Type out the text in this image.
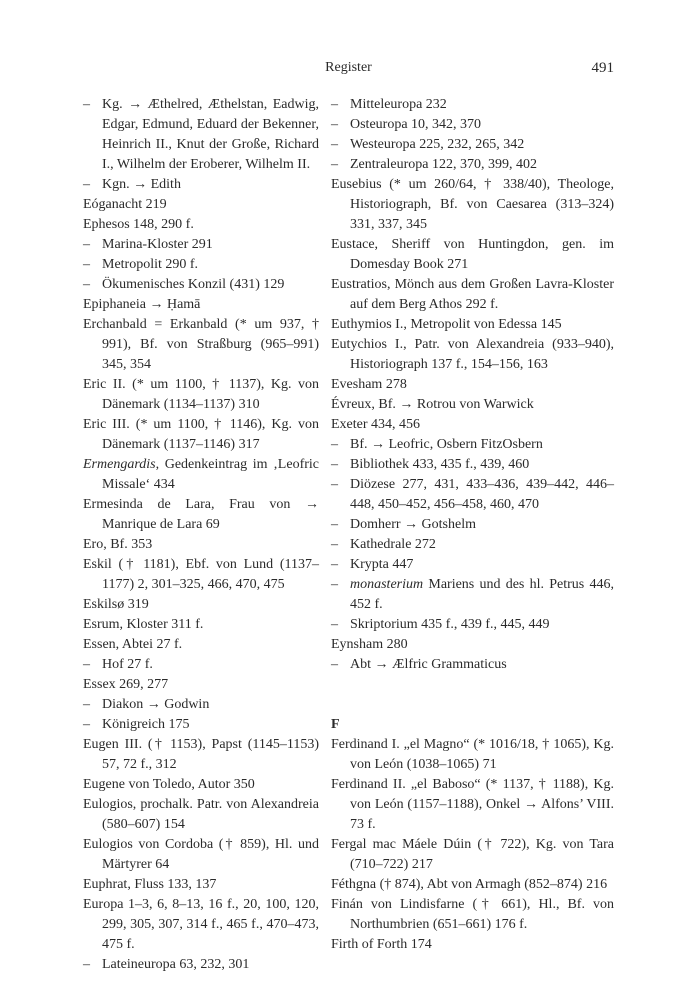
Register	491
– Kg. → Æthelred, Æthelstan, Eadwig, Edgar, Edmund, Eduard der Bekenner, Heinrich II., Knut der Große, Richard I., Wilhelm der Eroberer, Wilhelm II.
– Kgn. → Edith
Eóganacht 219
Ephesos 148, 290 f.
– Marina-Kloster 291
– Metropolit 290 f.
– Ökumenisches Konzil (431) 129
Epiphaneia → Ḥamā
Erchanbald = Erkanbald (* um 937, † 991), Bf. von Straßburg (965–991) 345, 354
Eric II. (* um 1100, † 1137), Kg. von Dänemark (1134–1137) 310
Eric III. (* um 1100, † 1146), Kg. von Dänemark (1137–1146) 317
Ermengardis, Gedenkeintrag im ‚Leofric Missale‘ 434
Ermesinda de Lara, Frau von → Manrique de Lara 69
Ero, Bf. 353
Eskil († 1181), Ebf. von Lund (1137–1177) 2, 301–325, 466, 470, 475
Eskilsø 319
Esrum, Kloster 311 f.
Essen, Abtei 27 f.
– Hof 27 f.
Essex 269, 277
– Diakon → Godwin
– Königreich 175
Eugen III. († 1153), Papst (1145–1153) 57, 72 f., 312
Eugene von Toledo, Autor 350
Eulogios, prochalk. Patr. von Alexandreia (580–607) 154
Eulogios von Cordoba († 859), Hl. und Märtyrer 64
Euphrat, Fluss 133, 137
Europa 1–3, 6, 8–13, 16 f., 20, 100, 120, 299, 305, 307, 314 f., 465 f., 470–473, 475 f.
– Lateineuropa 63, 232, 301
– Mitteleuropa 232
– Osteuropa 10, 342, 370
– Westeuropa 225, 232, 265, 342
– Zentraleuropa 122, 370, 399, 402
Eusebius (* um 260/64, † 338/40), Theologe, Historiograph, Bf. von Caesarea (313–324) 331, 337, 345
Eustace, Sheriff von Huntingdon, gen. im Domesday Book 271
Eustratios, Mönch aus dem Großen Lavra-Kloster auf dem Berg Athos 292 f.
Euthymios I., Metropolit von Edessa 145
Eutychios I., Patr. von Alexandreia (933–940), Historiograph 137 f., 154–156, 163
Evesham 278
Évreux, Bf. → Rotrou von Warwick
Exeter 434, 456
– Bf. → Leofric, Osbern FitzOsbern
– Bibliothek 433, 435 f., 439, 460
– Diözese 277, 431, 433–436, 439–442, 446–448, 450–452, 456–458, 460, 470
– Domherr → Gotshelm
– Kathedrale 272
– Krypta 447
– monasterium Mariens und des hl. Petrus 446, 452 f.
– Skriptorium 435 f., 439 f., 445, 449
Eynsham 280
– Abt → Ælfric Grammaticus
F
Ferdinand I. „el Magno“ (* 1016/18, † 1065), Kg. von León (1038–1065) 71
Ferdinand II. „el Baboso“ (* 1137, † 1188), Kg. von León (1157–1188), Onkel → Alfons’ VIII. 73 f.
Fergal mac Máele Dúin († 722), Kg. von Tara (710–722) 217
Féthgna († 874), Abt von Armagh (852–874) 216
Finán von Lindisfarne († 661), Hl., Bf. von Northumbrien (651–661) 176 f.
Firth of Forth 174
